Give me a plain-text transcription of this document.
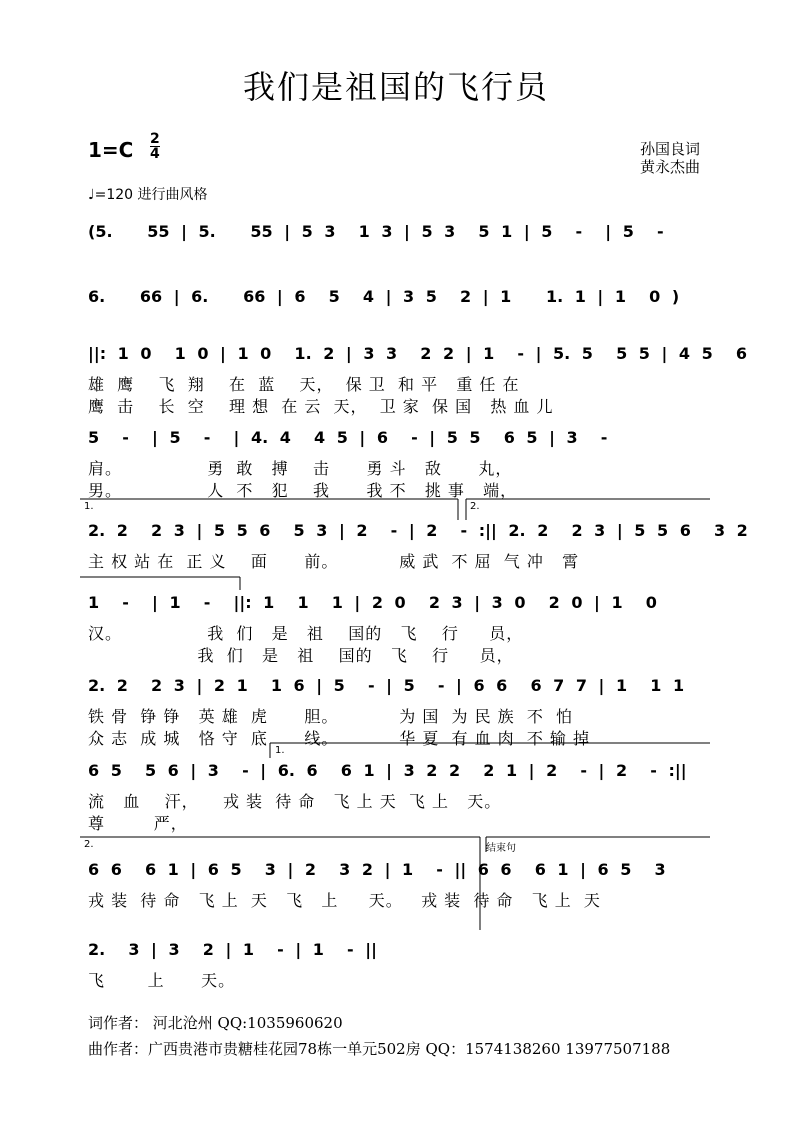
我们是祖国的飞行员
1=C 2
4	孙国良词
黄永杰曲
♩=120 进行曲风格
(5.   55 | 5.   55 | 5 3  1 3 | 5 3  5 1 | 5  -  | 5  -
6.   66 | 6.   66 | 6  5  4 | 3 5  2 | 1   1. 1 | 1  0 )
||: 1 0  1 0 | 1 0  1. 2 | 3 3  2 2 | 1  - | 5. 5  5 5 | 4 5  6
雄  鹰    飞  翔    在  蓝    天，  保 卫  和 平   重 任 在
鹰  击    长  空    理 想  在 云  天，  卫 家  保 国   热 血 儿
5  -  | 5  -  | 4. 4  4 5 | 6  - | 5 5  6 5 | 3  -
肩。              勇  敢   搏    击      勇 斗   敌      丸，
男。              人  不   犯    我      我 不   挑 事   端，
2. 2  2 3 | 5 5 6  5 3 | 2  - | 2  - :|| 2. 2  2 3 | 5 5 6  3 2
主 权 站 在  正 义    面      前。          威 武  不 屈  气 冲   霄
1  -  | 1  -  ||: 1  1  1 | 2 0  2 3 | 3 0  2 0 | 1  0
汉。              我  们   是   祖    国的   飞    行     员，
我  们   是   祖    国的   飞    行     员，
2. 2  2 3 | 2 1  1 6 | 5  - | 5  - | 6 6  6 7 7 | 1  1 1
铁 骨  铮 铮   英 雄  虎      胆。          为 国  为 民 族  不  怕
众 志  成 城   恪 守  底      线。          华 夏  有 血 肉  不 输 掉
6 5  5 6 | 3  - | 6. 6  6 1 | 3 2 2  2 1 | 2  - | 2  - :||
流   血    汗，    戎 装  待 命   飞 上 天  飞 上   天。
尊        严，
6 6  6 1 | 6 5  3 | 2  3 2 | 1  - || 6 6  6 1 | 6 5  3
戎 装  待 命   飞 上  天   飞   上     天。   戎 装  待 命   飞 上  天
2.  3 | 3  2 | 1  - | 1  - ||
飞       上      天。
1.	2.
1.
2.	结束句
词作者： 河北沧州 QQ:1035960620
曲作者：广西贵港市贵糖桂花园78栋一单元502房 QQ：1574138260 13977507188
